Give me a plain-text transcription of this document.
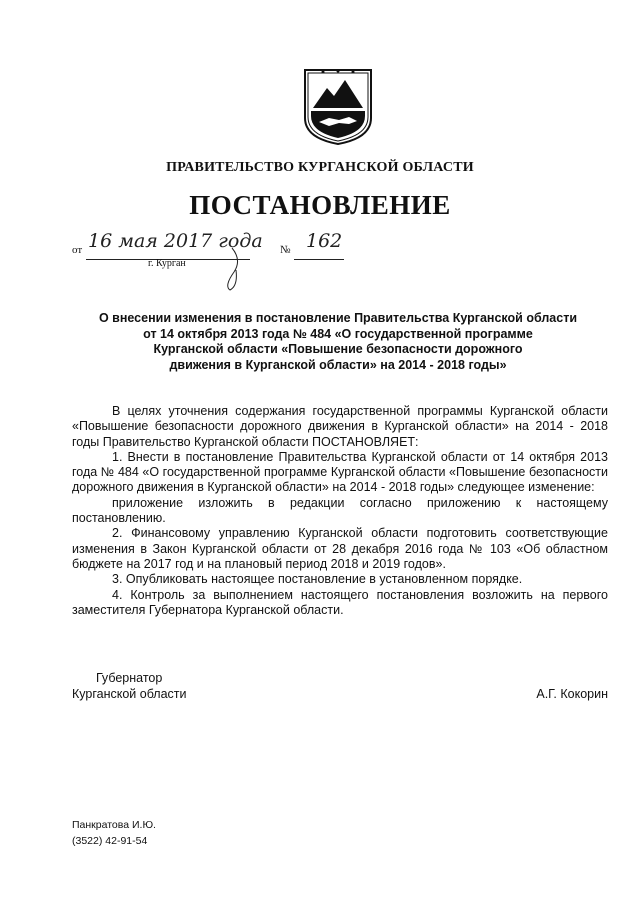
ПРАВИТЕЛЬСТВО КУРГАНСКОЙ ОБЛАСТИ
ПОСТАНОВЛЕНИЕ
от 16 мая 2017 года № 162
г. Курган
О внесении изменения в постановление Правительства Курганской области
от 14 октября 2013 года № 484 «О государственной программе
Курганской области «Повышение безопасности дорожного
движения в Курганской области» на 2014 - 2018 годы»

В целях уточнения содержания государственной программы Курганской области «Повышение безопасности дорожного движения в Курганской области» на 2014 - 2018 годы Правительство Курганской области ПОСТАНОВЛЯЕТ:

1. Внести в постановление Правительства Курганской области от 14 октября 2013 года № 484 «О государственной программе Курганской области «Повышение безопасности дорожного движения в Курганской области» на 2014 - 2018 годы» следующее изменение:

приложение изложить в редакции согласно приложению к настоящему постановлению.

2. Финансовому управлению Курганской области подготовить соответствующие изменения в Закон Курганской области от 28 декабря 2016 года № 103 «Об областном бюджете на 2017 год и на плановый период 2018 и 2019 годов».

3. Опубликовать настоящее постановление в установленном порядке.

4. Контроль за выполнением настоящего постановления возложить на первого заместителя Губернатора Курганской области.

Губернатор
Курганской области	А.Г. Кокорин
Панкратова И.Ю.
(3522) 42-91-54
